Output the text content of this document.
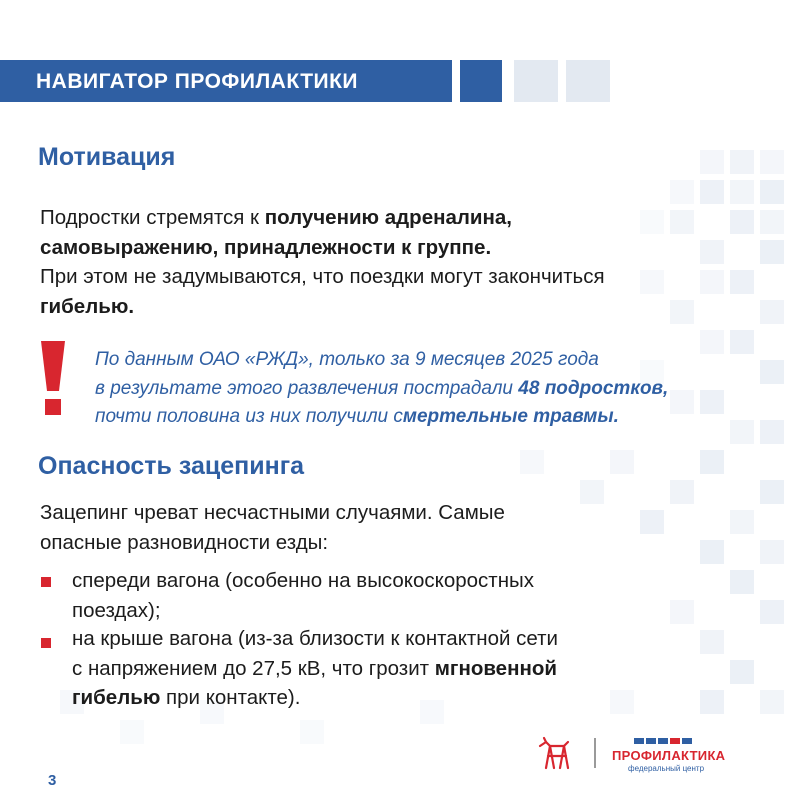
НАВИГАТОР ПРОФИЛАКТИКИ
Мотивация
Подростки стремятся к получению адреналина,
самовыражению, принадлежности к группе.
При этом не задумываются, что поездки могут закончиться
гибелью.
По данным ОАО «РЖД», только за 9 месяцев 2025 года
в результате этого развлечения пострадали 48 подростков,
почти половина из них получили смертельные травмы.
Опасность зацепинга
Зацепинг чреват несчастными случаями. Самые
опасные разновидности езды:
спереди вагона (особенно на высокоскоростных
поездах);
на крыше вагона (из-за близости к контактной сети
с напряжением до 27,5 кВ, что грозит мгновенной
гибелью при контакте).
3
ПРОФИЛАКТИКА
федеральный центр
